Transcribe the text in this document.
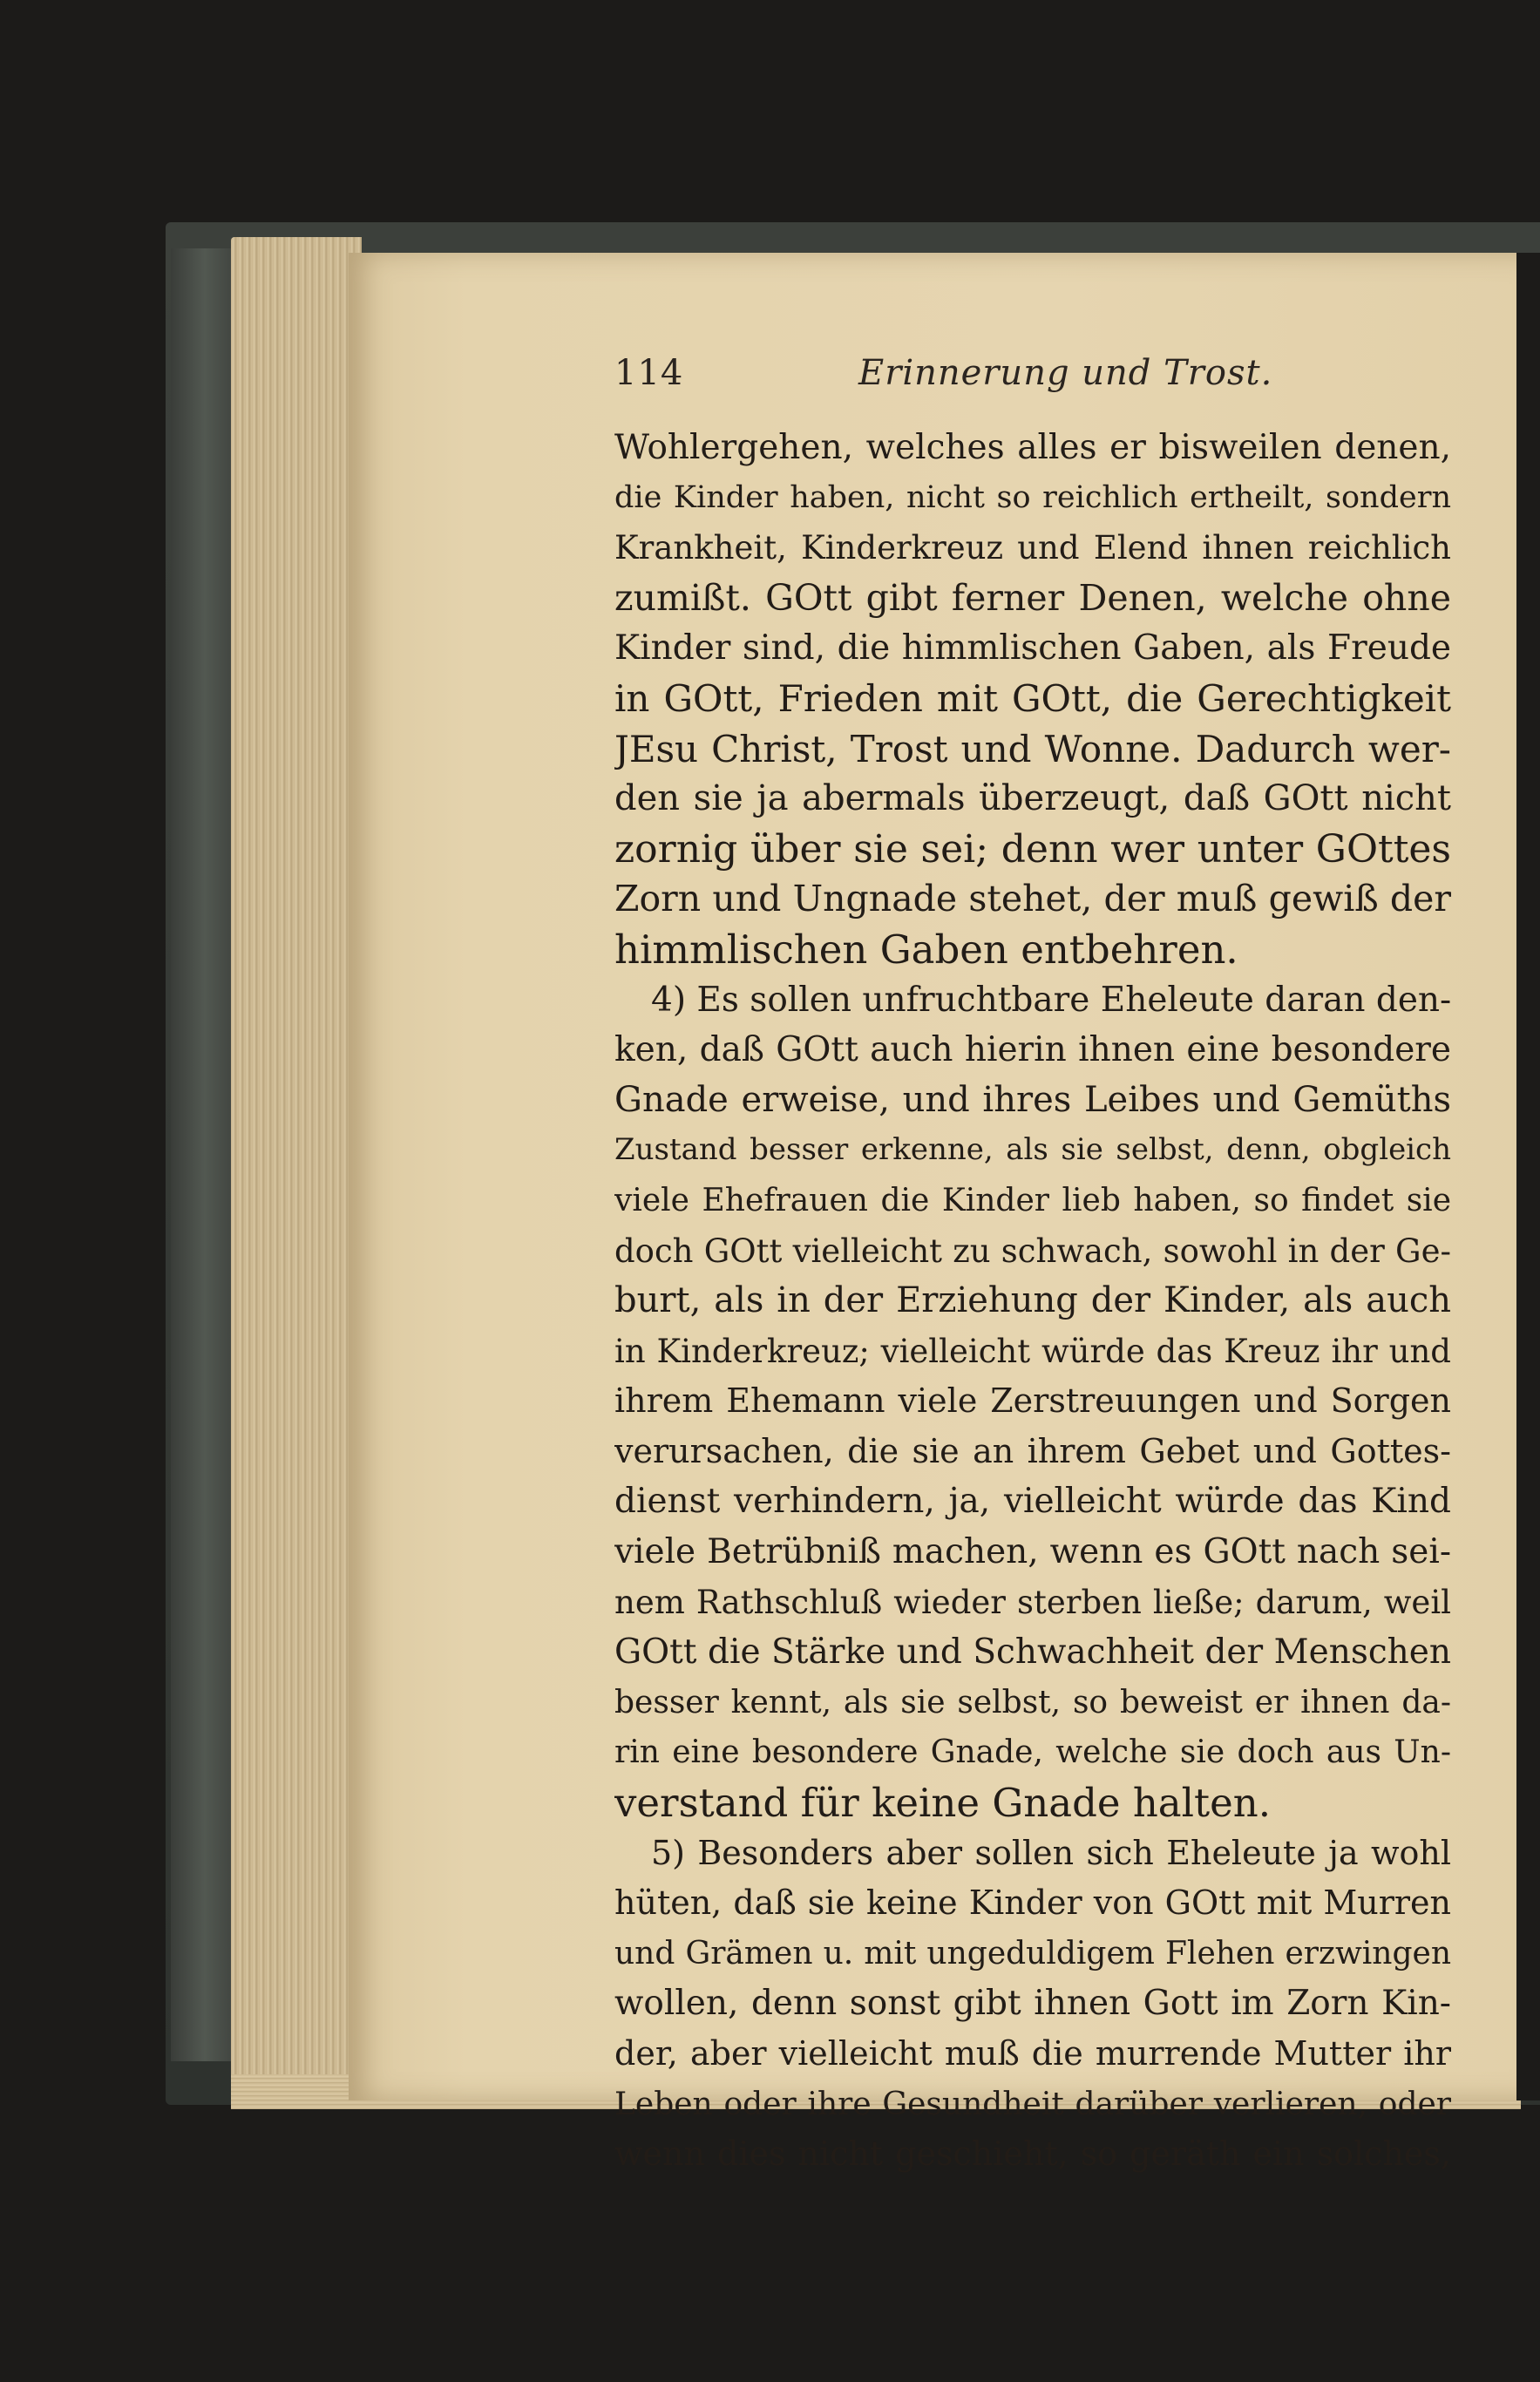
114	Erinnerung und Trost.
Wohlergehen, welches alles er bisweilen denen,
die Kinder haben, nicht so reichlich ertheilt, sondern
Krankheit, Kinderkreuz und Elend ihnen reichlich
zumißt. GOtt gibt ferner Denen, welche ohne
Kinder sind, die himmlischen Gaben, als Freude
in GOtt, Frieden mit GOtt, die Gerechtigkeit
JEsu Christ, Trost und Wonne. Dadurch wer-
den sie ja abermals überzeugt, daß GOtt nicht
zornig über sie sei; denn wer unter GOttes
Zorn und Ungnade stehet, der muß gewiß der
himmlischen Gaben entbehren.
4) Es sollen unfruchtbare Eheleute daran den-
ken, daß GOtt auch hierin ihnen eine besondere
Gnade erweise, und ihres Leibes und Gemüths
Zustand besser erkenne, als sie selbst, denn, obgleich
viele Ehefrauen die Kinder lieb haben, so findet sie
doch GOtt vielleicht zu schwach, sowohl in der Ge-
burt, als in der Erziehung der Kinder, als auch
in Kinderkreuz; vielleicht würde das Kreuz ihr und
ihrem Ehemann viele Zerstreuungen und Sorgen
verursachen, die sie an ihrem Gebet und Gottes-
dienst verhindern, ja, vielleicht würde das Kind
viele Betrübniß machen, wenn es GOtt nach sei-
nem Rathschluß wieder sterben ließe; darum, weil
GOtt die Stärke und Schwachheit der Menschen
besser kennt, als sie selbst, so beweist er ihnen da-
rin eine besondere Gnade, welche sie doch aus Un-
verstand für keine Gnade halten.
5) Besonders aber sollen sich Eheleute ja wohl
hüten, daß sie keine Kinder von GOtt mit Murren
und Grämen u. mit ungeduldigem Flehen erzwingen
wollen, denn sonst gibt ihnen Gott im Zorn Kin-
der, aber vielleicht muß die murrende Mutter ihr
Leben oder ihre Gesundheit darüber verlieren, oder
wenn dies nicht geschieht, so geräth ein solches,
